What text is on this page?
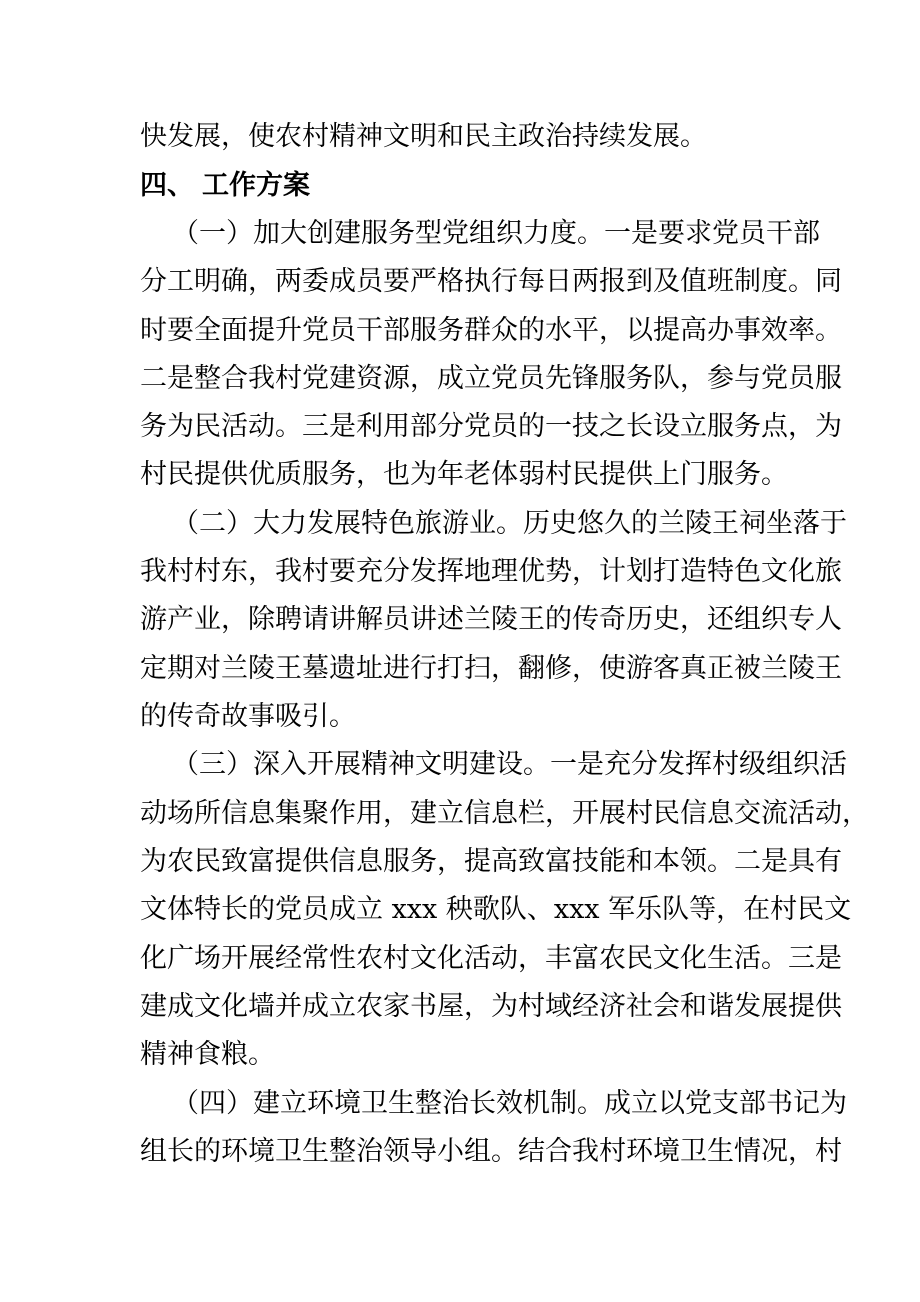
快发展，使农村精神文明和民主政治持续发展。
四、 工作方案
（一）加大创建服务型党组织力度。一是要求党员干部
分工明确，两委成员要严格执行每日两报到及值班制度。同
时要全面提升党员干部服务群众的水平，以提高办事效率。
二是整合我村党建资源，成立党员先锋服务队，参与党员服
务为民活动。三是利用部分党员的一技之长设立服务点，为
村民提供优质服务，也为年老体弱村民提供上门服务。
（二）大力发展特色旅游业。历史悠久的兰陵王祠坐落于
我村村东，我村要充分发挥地理优势，计划打造特色文化旅
游产业，除聘请讲解员讲述兰陵王的传奇历史，还组织专人
定期对兰陵王墓遗址进行打扫，翻修，使游客真正被兰陵王
的传奇故事吸引。
（三）深入开展精神文明建设。一是充分发挥村级组织活
动场所信息集聚作用，建立信息栏，开展村民信息交流活动，
为农民致富提供信息服务，提高致富技能和本领。二是具有
文体特长的党员成立 xxx 秧歌队、xxx 军乐队等，在村民文
化广场开展经常性农村文化活动，丰富农民文化生活。三是
建成文化墙并成立农家书屋，为村域经济社会和谐发展提供
精神食粮。
（四）建立环境卫生整治长效机制。成立以党支部书记为
组长的环境卫生整治领导小组。结合我村环境卫生情况，村
